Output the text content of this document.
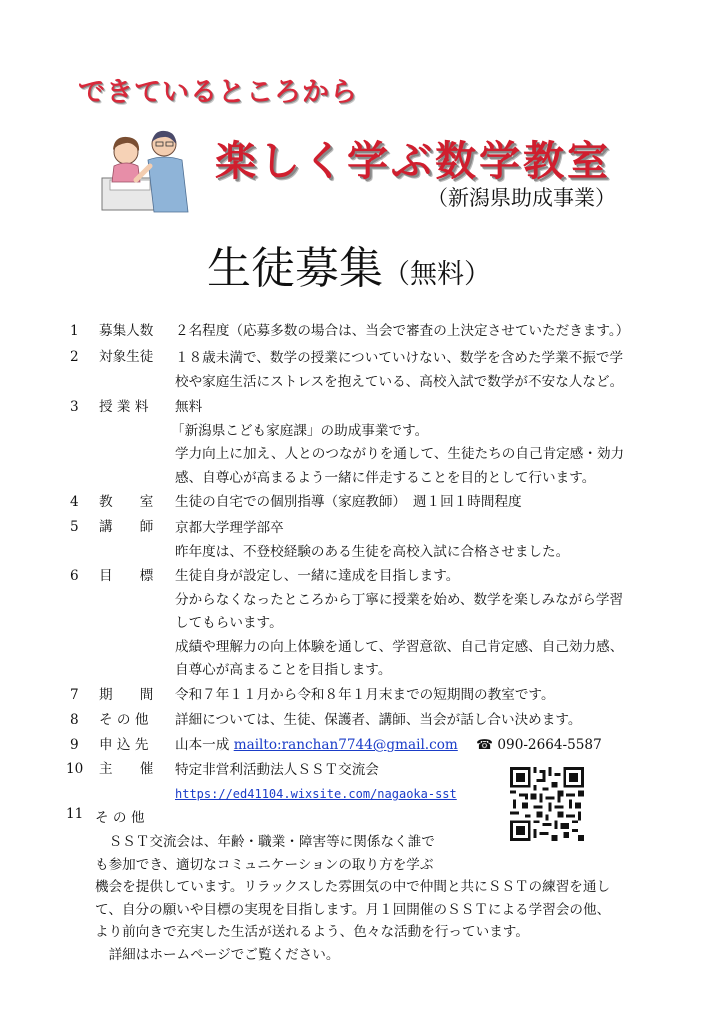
できているところから

楽しく学ぶ数学教室
（新潟県助成事業）
生徒募集（無料）
1 募集人数	２名程度（応募多数の場合は、当会で審査の上決定させていただきます。）

2 対象生徒	１８歳未満で、数学の授業についていけない、数学を含めた学業不振で学

校や家庭生活にストレスを抱えている、高校入試で数学が不安な人など。

3 授 業 料	無料

「新潟県こども家庭課」の助成事業です。

学力向上に加え、人とのつながりを通して、生徒たちの自己肯定感・効力

感、自尊心が高まるよう一緒に伴走することを目的として行います。

4 教　　室	生徒の自宅での個別指導（家庭教師）　週１回１時間程度

5 講　　師	京都大学理学部卒

昨年度は、不登校経験のある生徒を高校入試に合格させました。

6 目　　標	生徒自身が設定し、一緒に達成を目指します。

分からなくなったところから丁寧に授業を始め、数学を楽しみながら学習

してもらいます。

成績や理解力の向上体験を通して、学習意欲、自己肯定感、自己効力感、

自尊心が高まることを目指します。

7 期　　間	令和７年１１月から令和８年１月末までの短期間の教室です。

8 そ の 他	詳細については、生徒、保護者、講師、当会が話し合い決めます。

9 申 込 先	山本一成 mailto:ranchan7744@gmail.com ☎ 090-2664-5587
10 主　　催	特定非営利活動法人ＳＳＴ交流会

https://ed41104.wixsite.com/nagaoka-sst

11 そ の 他

　ＳＳＴ交流会は、年齢・職業・障害等に関係なく誰で

も参加でき、適切なコミュニケーションの取り方を学ぶ

機会を提供しています。リラックスした雰囲気の中で仲間と共にＳＳＴの練習を通し

て、自分の願いや目標の実現を目指します。月１回開催のＳＳＴによる学習会の他、

より前向きで充実した生活が送れるよう、色々な活動を行っています。

　詳細はホームページでご覧ください。
